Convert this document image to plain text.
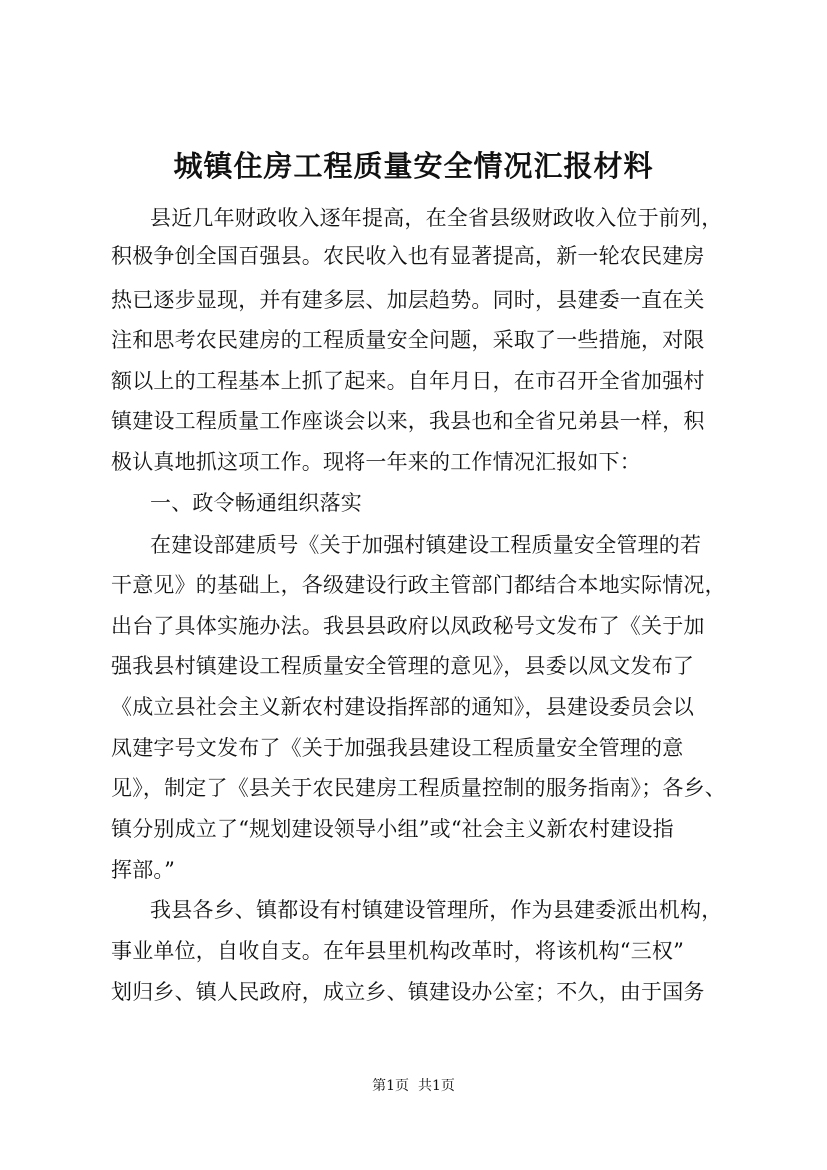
城镇住房工程质量安全情况汇报材料
县近几年财政收入逐年提高，在全省县级财政收入位于前列，
积极争创全国百强县。农民收入也有显著提高，新一轮农民建房
热已逐步显现，并有建多层、加层趋势。同时，县建委一直在关
注和思考农民建房的工程质量安全问题，采取了一些措施，对限
额以上的工程基本上抓了起来。自年月日，在市召开全省加强村
镇建设工程质量工作座谈会以来，我县也和全省兄弟县一样，积
极认真地抓这项工作。现将一年来的工作情况汇报如下：
一、政令畅通组织落实
在建设部建质号《关于加强村镇建设工程质量安全管理的若
干意见》的基础上，各级建设行政主管部门都结合本地实际情况，
出台了具体实施办法。我县县政府以凤政秘号文发布了《关于加
强我县村镇建设工程质量安全管理的意见》，县委以凤文发布了
《成立县社会主义新农村建设指挥部的通知》，县建设委员会以
凤建字号文发布了《关于加强我县建设工程质量安全管理的意
见》，制定了《县关于农民建房工程质量控制的服务指南》；各乡、
镇分别成立了“规划建设领导小组”或“社会主义新农村建设指
挥部。”
我县各乡、镇都设有村镇建设管理所，作为县建委派出机构，
事业单位，自收自支。在年县里机构改革时，将该机构“三权”
划归乡、镇人民政府，成立乡、镇建设办公室；不久，由于国务
第1页  共1页
